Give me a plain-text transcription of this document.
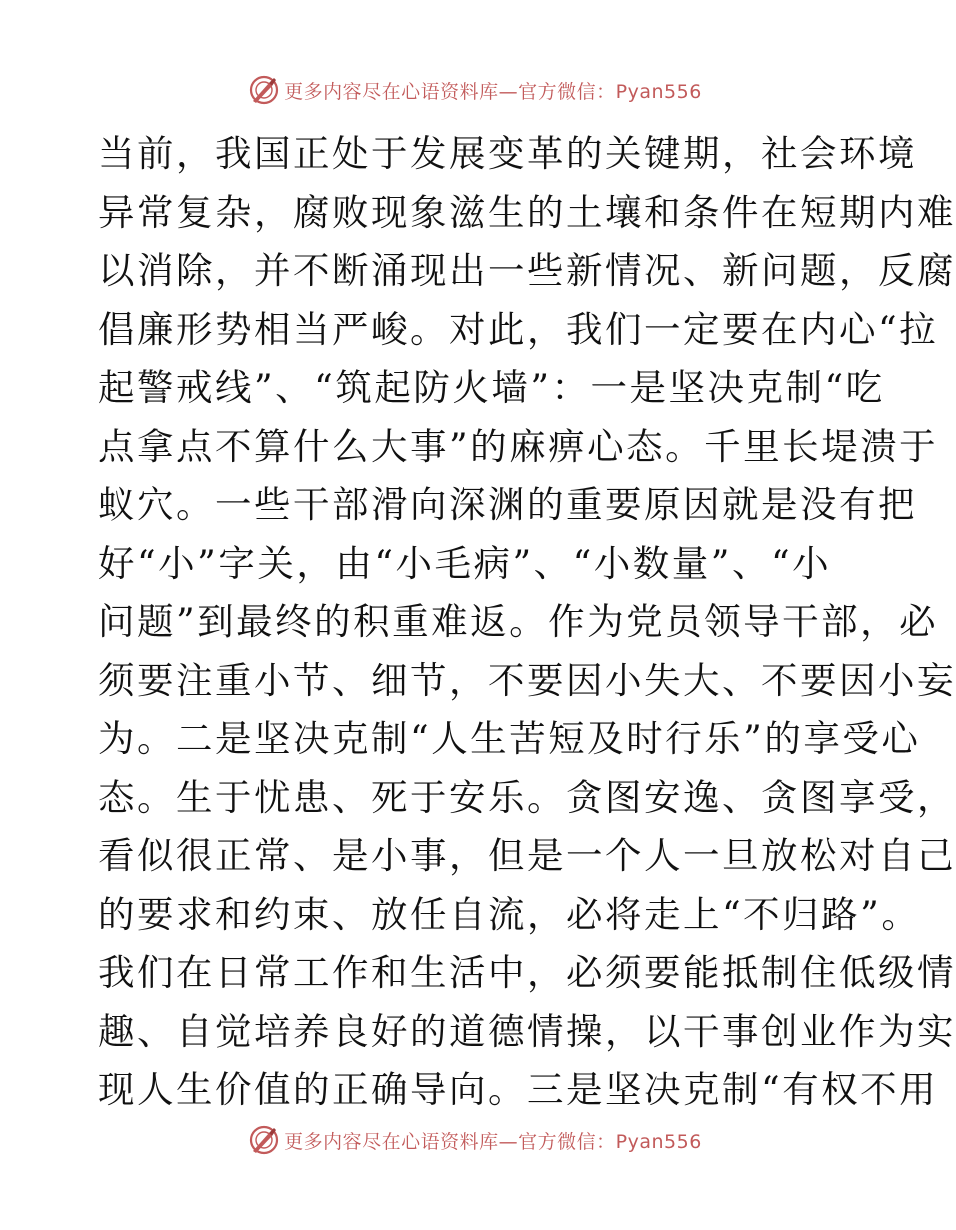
更多内容尽在心语资料库—官方微信：Pyan556
当前，我国正处于发展变革的关键期，社会环境
异常复杂，腐败现象滋生的土壤和条件在短期内难
以消除，并不断涌现出一些新情况、新问题，反腐
倡廉形势相当严峻。对此，我们一定要在内心“拉
起警戒线”、“筑起防火墙”：一是坚决克制“吃
点拿点不算什么大事”的麻痹心态。千里长堤溃于
蚁穴。一些干部滑向深渊的重要原因就是没有把
好“小”字关，由“小毛病”、“小数量”、“小
问题”到最终的积重难返。作为党员领导干部，必
须要注重小节、细节，不要因小失大、不要因小妄
为。二是坚决克制“人生苦短及时行乐”的享受心
态。生于忧患、死于安乐。贪图安逸、贪图享受，
看似很正常、是小事，但是一个人一旦放松对自己
的要求和约束、放任自流，必将走上“不归路”。
我们在日常工作和生活中，必须要能抵制住低级情
趣、自觉培养良好的道德情操，以干事创业作为实
现人生价值的正确导向。三是坚决克制“有权不用
更多内容尽在心语资料库—官方微信：Pyan556
